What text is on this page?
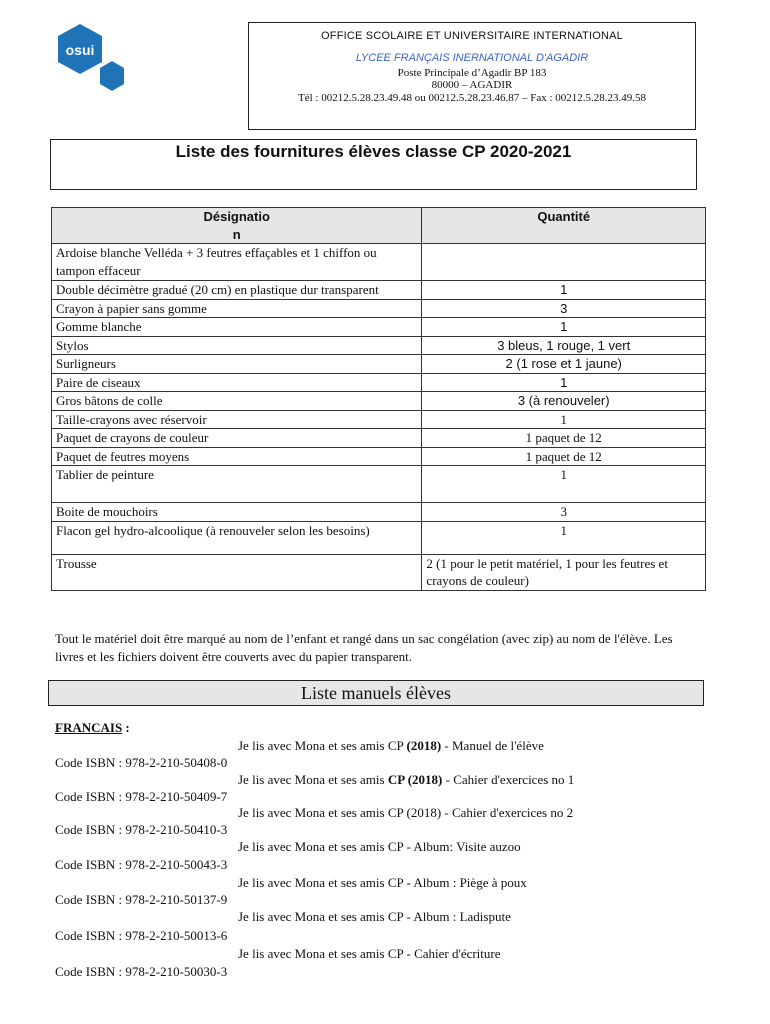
osui
OFFICE SCOLAIRE ET UNIVERSITAIRE INTERNATIONAL
LYCEE FRANÇAIS INERNATIONAL D'AGADIR
Poste Principale d’Agadir BP 183
80000 – AGADIR
Tél : 00212.5.28.23.49.48 ou 00212.5.28.23.46.87 – Fax : 00212.5.28.23.49.58
Liste des fournitures élèves classe CP 2020-2021
Désignatio
n	Quantité
Ardoise blanche Velléda + 3 feutres effaçables et 1 chiffon ou tampon effaceur	
Double décimètre gradué (20 cm) en plastique dur transparent	1
Crayon à papier sans gomme	3
Gomme blanche	1
Stylos	3 bleus, 1 rouge, 1 vert
Surligneurs	2 (1 rose et 1 jaune)
Paire de ciseaux	1
Gros bâtons de colle	3 (à renouveler)
Taille-crayons avec réservoir	1
Paquet de crayons de couleur	1 paquet de 12
Paquet de feutres moyens	1 paquet de 12
Tablier de peinture	1
Boite de mouchoirs	3
Flacon gel hydro-alcoolique (à renouveler selon les besoins)	1
Trousse	2 (1 pour le petit matériel, 1 pour les feutres et crayons de couleur)
Tout le matériel doit être marqué au nom de l’enfant et rangé dans un sac congélation (avec zip) au nom de l'élève. Les livres et les fichiers doivent être couverts avec du papier transparent.
Liste manuels élèves
FRANCAIS :
Je lis avec Mona et ses amis CP (2018) - Manuel de l'élève
Code ISBN : 978-2-210-50408-0
Je lis avec Mona et ses amis CP (2018) - Cahier d'exercices no 1
Code ISBN : 978-2-210-50409-7
Je lis avec Mona et ses amis CP (2018) - Cahier d'exercices no 2
Code ISBN : 978-2-210-50410-3
Je lis avec Mona et ses amis CP - Album: Visite auzoo
Code ISBN : 978-2-210-50043-3
Je lis avec Mona et ses amis CP - Album : Piège à poux
Code ISBN : 978-2-210-50137-9
Je lis avec Mona et ses amis CP - Album : Ladispute
Code ISBN : 978-2-210-50013-6
Je lis avec Mona et ses amis CP - Cahier d'écriture
Code ISBN : 978-2-210-50030-3
